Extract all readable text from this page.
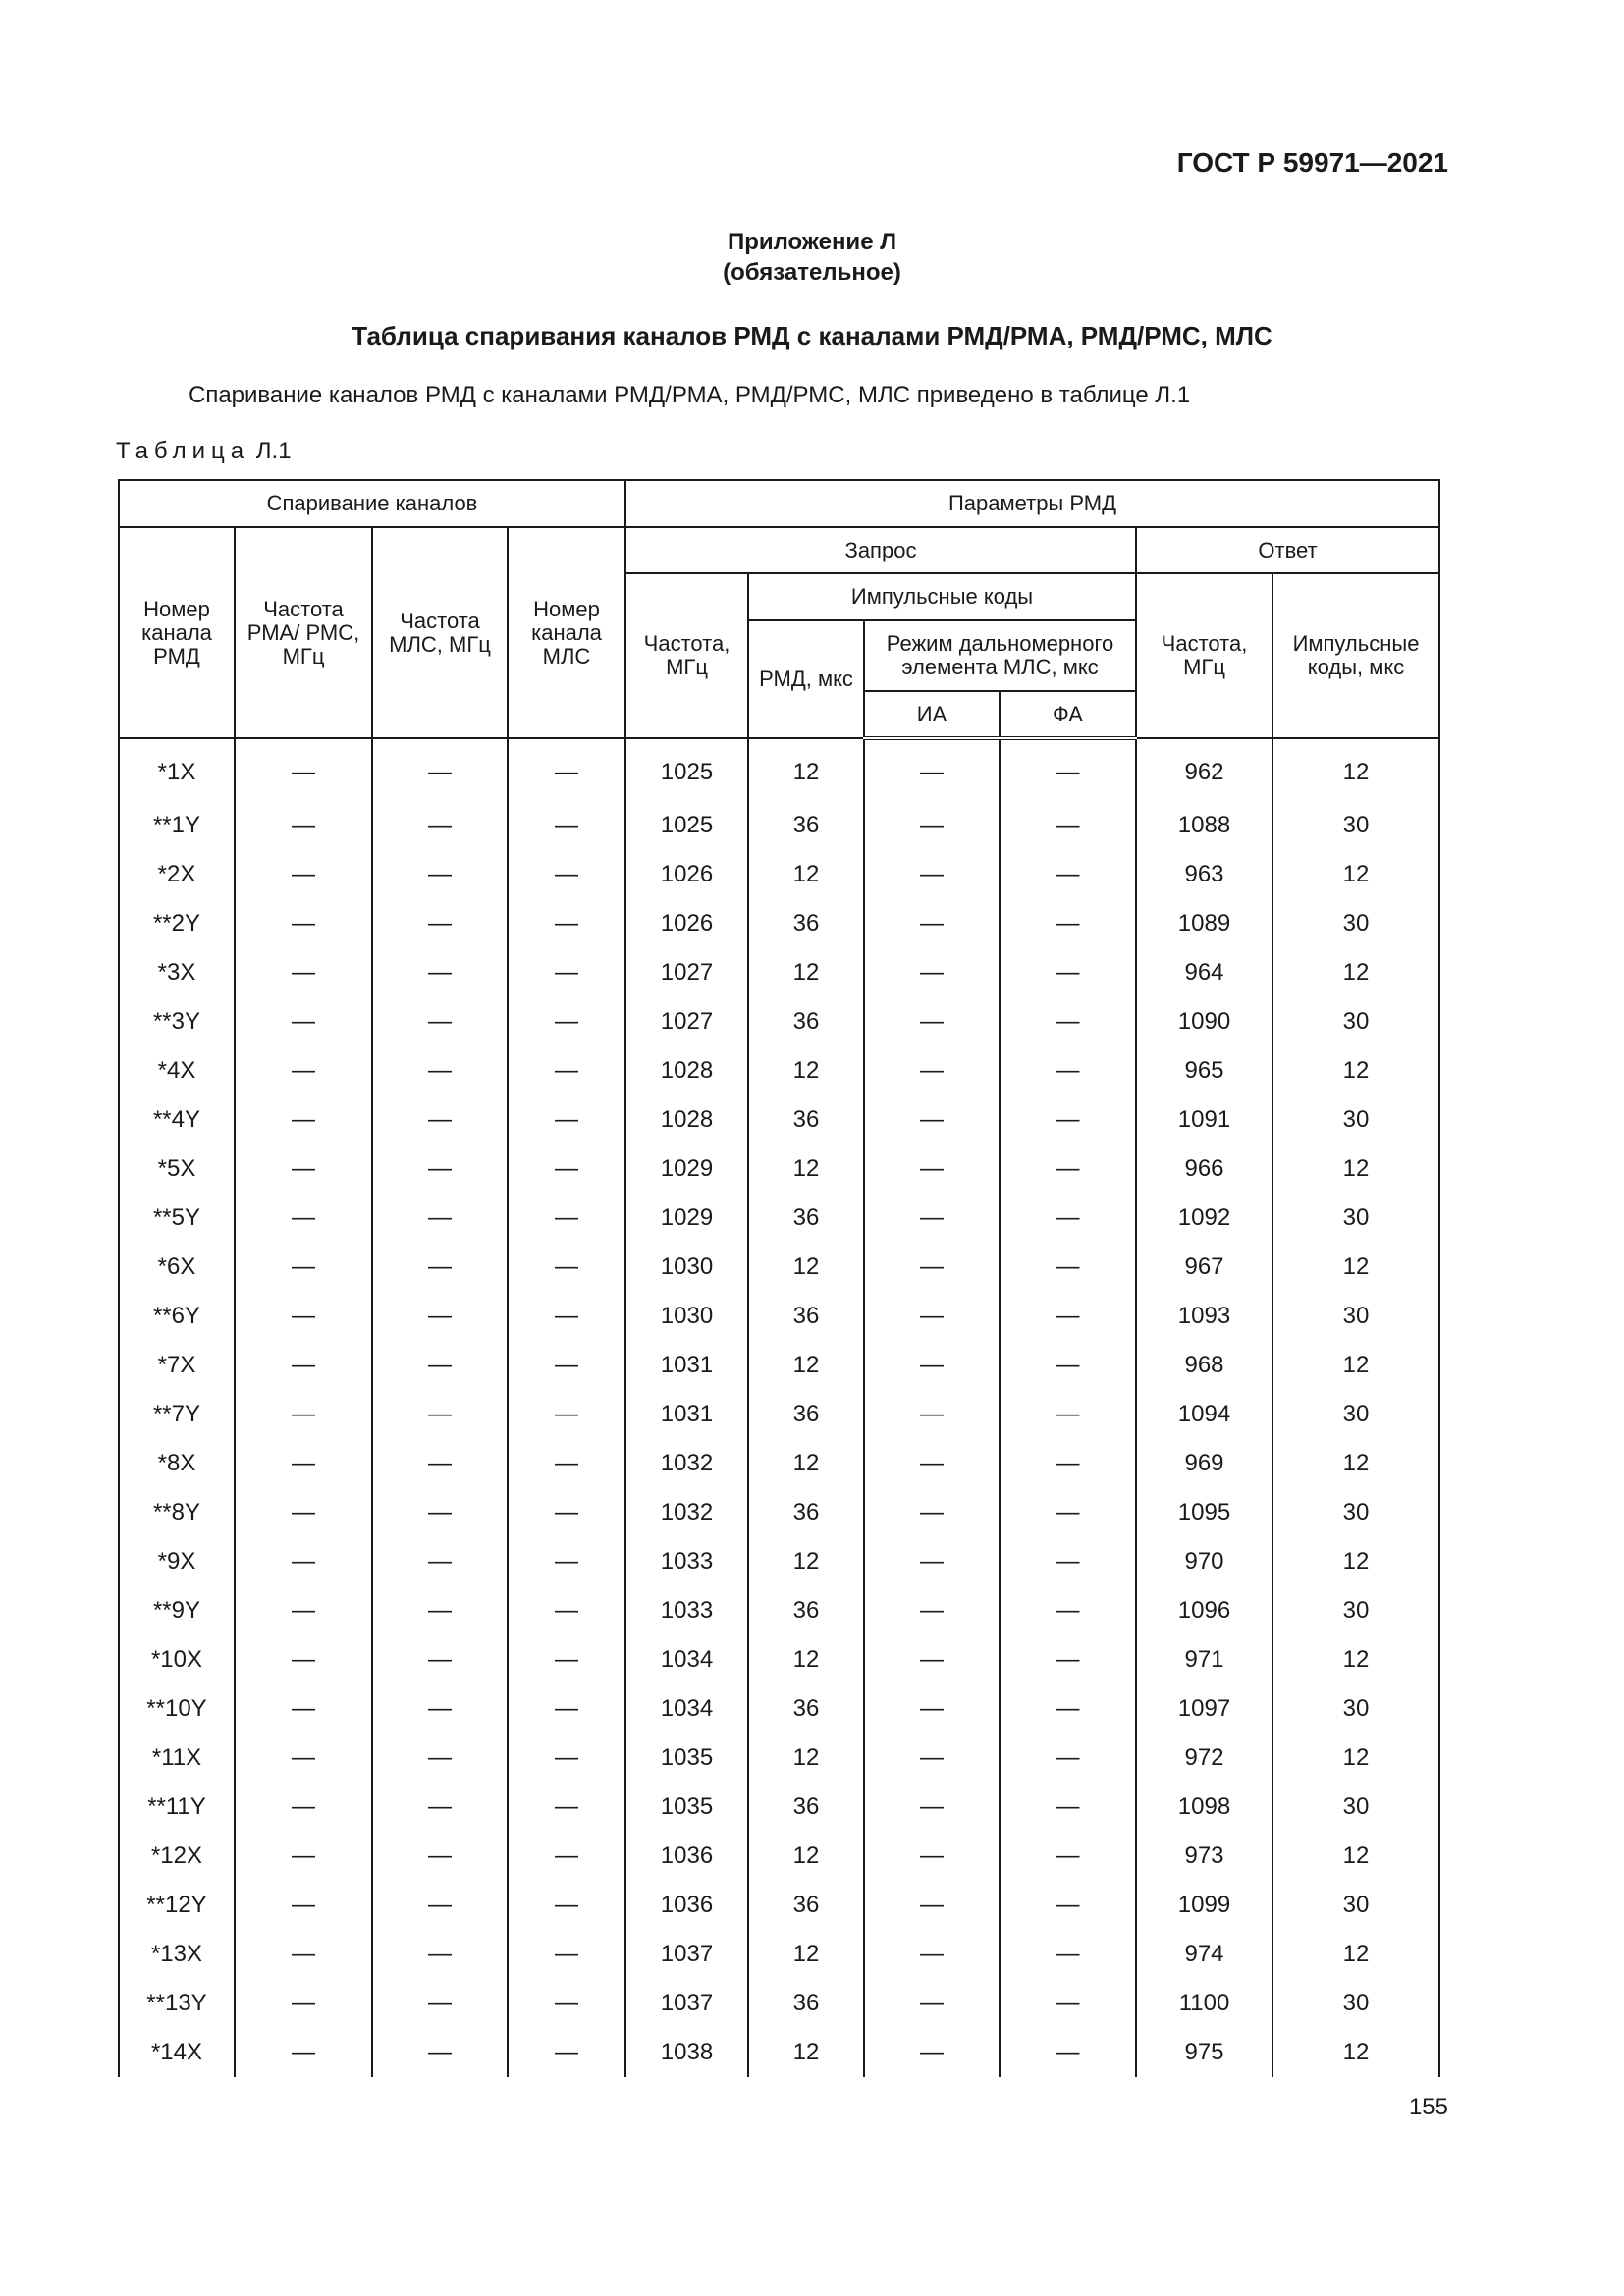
ГОСТ Р 59971—2021
Приложение Л
(обязательное)
Таблица спаривания каналов РМД с каналами РМД/РМА, РМД/РМС, МЛС
Спаривание каналов РМД с каналами РМД/РМА, РМД/РМС, МЛС приведено в таблице Л.1
Таблица Л.1
Спаривание каналов				Параметры РМД					
Номер канала РМД	Частота РМА/ РМС, МГц	Частота МЛС, МГц	Номер канала МЛС	Запрос				Ответ	
				Частота, МГц	Импульсные коды			Частота, МГц	Импульсные коды, мкс
					РМД, мкс	Режим дальномерного элемента МЛС, мкс			
						ИА	ФА		
*1X	—	—	—	1025	12	—	—	962	12
**1Y	—	—	—	1025	36	—	—	1088	30
*2X	—	—	—	1026	12	—	—	963	12
**2Y	—	—	—	1026	36	—	—	1089	30
*3X	—	—	—	1027	12	—	—	964	12
**3Y	—	—	—	1027	36	—	—	1090	30
*4X	—	—	—	1028	12	—	—	965	12
**4Y	—	—	—	1028	36	—	—	1091	30
*5X	—	—	—	1029	12	—	—	966	12
**5Y	—	—	—	1029	36	—	—	1092	30
*6X	—	—	—	1030	12	—	—	967	12
**6Y	—	—	—	1030	36	—	—	1093	30
*7X	—	—	—	1031	12	—	—	968	12
**7Y	—	—	—	1031	36	—	—	1094	30
*8X	—	—	—	1032	12	—	—	969	12
**8Y	—	—	—	1032	36	—	—	1095	30
*9X	—	—	—	1033	12	—	—	970	12
**9Y	—	—	—	1033	36	—	—	1096	30
*10X	—	—	—	1034	12	—	—	971	12
**10Y	—	—	—	1034	36	—	—	1097	30
*11X	—	—	—	1035	12	—	—	972	12
**11Y	—	—	—	1035	36	—	—	1098	30
*12X	—	—	—	1036	12	—	—	973	12
**12Y	—	—	—	1036	36	—	—	1099	30
*13X	—	—	—	1037	12	—	—	974	12
**13Y	—	—	—	1037	36	—	—	1100	30
*14X	—	—	—	1038	12	—	—	975	12
155
